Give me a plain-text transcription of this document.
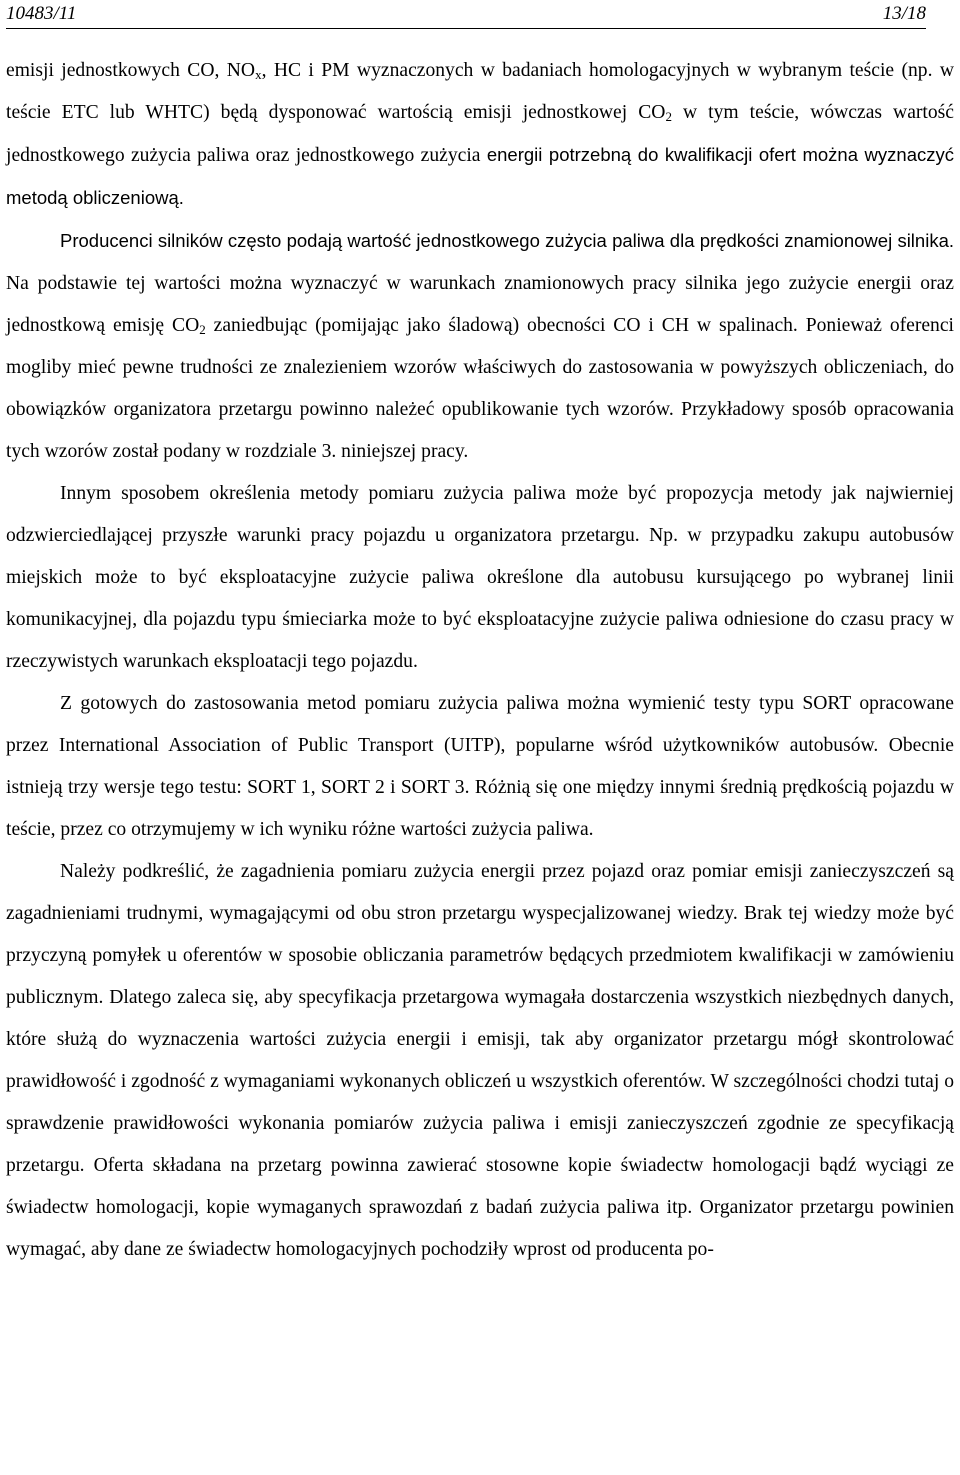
10483/11	13/18

emisji jednostkowych CO, $NO_x$, HC i PM wyznaczonych w badaniach homologacyjnych w wybranym teście (np. w teście ETC lub WHTC) będą dysponować wartością emisji jednostkowej $CO_2$ w tym teście, wówczas wartość jednostkowego zużycia paliwa oraz jednostkowego zużycia energii potrzebną do kwalifikacji ofert można wyznaczyć metodą obliczeniową.

Producenci silników często podają wartość jednostkowego zużycia paliwa dla prędkości znamionowej silnika. Na podstawie tej wartości można wyznaczyć w warunkach znamionowych pracy silnika jego zużycie energii oraz jednostkową emisję $CO_2$ zaniedbując (pomijając jako śladową) obecności CO i CH w spalinach. Ponieważ oferenci mogliby mieć pewne trudności ze znalezieniem wzorów właściwych do zastosowania w powyższych obliczeniach, do obowiązków organizatora przetargu powinno należeć opublikowanie tych wzorów. Przykładowy sposób opracowania tych wzorów został podany w rozdziale 3. niniejszej pracy.

Innym sposobem określenia metody pomiaru zużycia paliwa może być propozycja metody jak najwierniej odzwierciedlającej przyszłe warunki pracy pojazdu u organizatora przetargu. Np. w przypadku zakupu autobusów miejskich może to być eksploatacyjne zużycie paliwa określone dla autobusu kursującego po wybranej linii komunikacyjnej, dla pojazdu typu śmieciarka może to być eksploatacyjne zużycie paliwa odniesione do czasu pracy w rzeczywistych warunkach eksploatacji tego pojazdu.

Z gotowych do zastosowania metod pomiaru zużycia paliwa można wymienić testy typu SORT opracowane przez International Association of Public Transport (UITP), popularne wśród użytkowników autobusów. Obecnie istnieją trzy wersje tego testu: SORT 1, SORT 2 i SORT 3. Różnią się one między innymi średnią prędkością pojazdu w teście, przez co otrzymujemy w ich wyniku różne wartości zużycia paliwa.

Należy podkreślić, że zagadnienia pomiaru zużycia energii przez pojazd oraz pomiar emisji zanieczyszczeń są zagadnieniami trudnymi, wymagającymi od obu stron przetargu wyspecjalizowanej wiedzy. Brak tej wiedzy może być przyczyną pomyłek u oferentów w sposobie obliczania parametrów będących przedmiotem kwalifikacji w zamówieniu publicznym. Dlatego zaleca się, aby specyfikacja przetargowa wymagała dostarczenia wszystkich niezbędnych danych, które służą do wyznaczenia wartości zużycia energii i emisji, tak aby organizator przetargu mógł skontrolować prawidłowość i zgodność z wymaganiami wykonanych obliczeń u wszystkich oferentów. W szczególności chodzi tutaj o sprawdzenie prawidłowości wykonania pomiarów zużycia paliwa i emisji zanieczyszczeń zgodnie ze specyfikacją przetargu. Oferta składana na przetarg powinna zawierać stosowne kopie świadectw homologacji bądź wyciągi ze świadectw homologacji, kopie wymaganych sprawozdań z badań zużycia paliwa itp. Organizator przetargu powinien wymagać, aby dane ze świadectw homologacyjnych pochodziły wprost od producenta po-
